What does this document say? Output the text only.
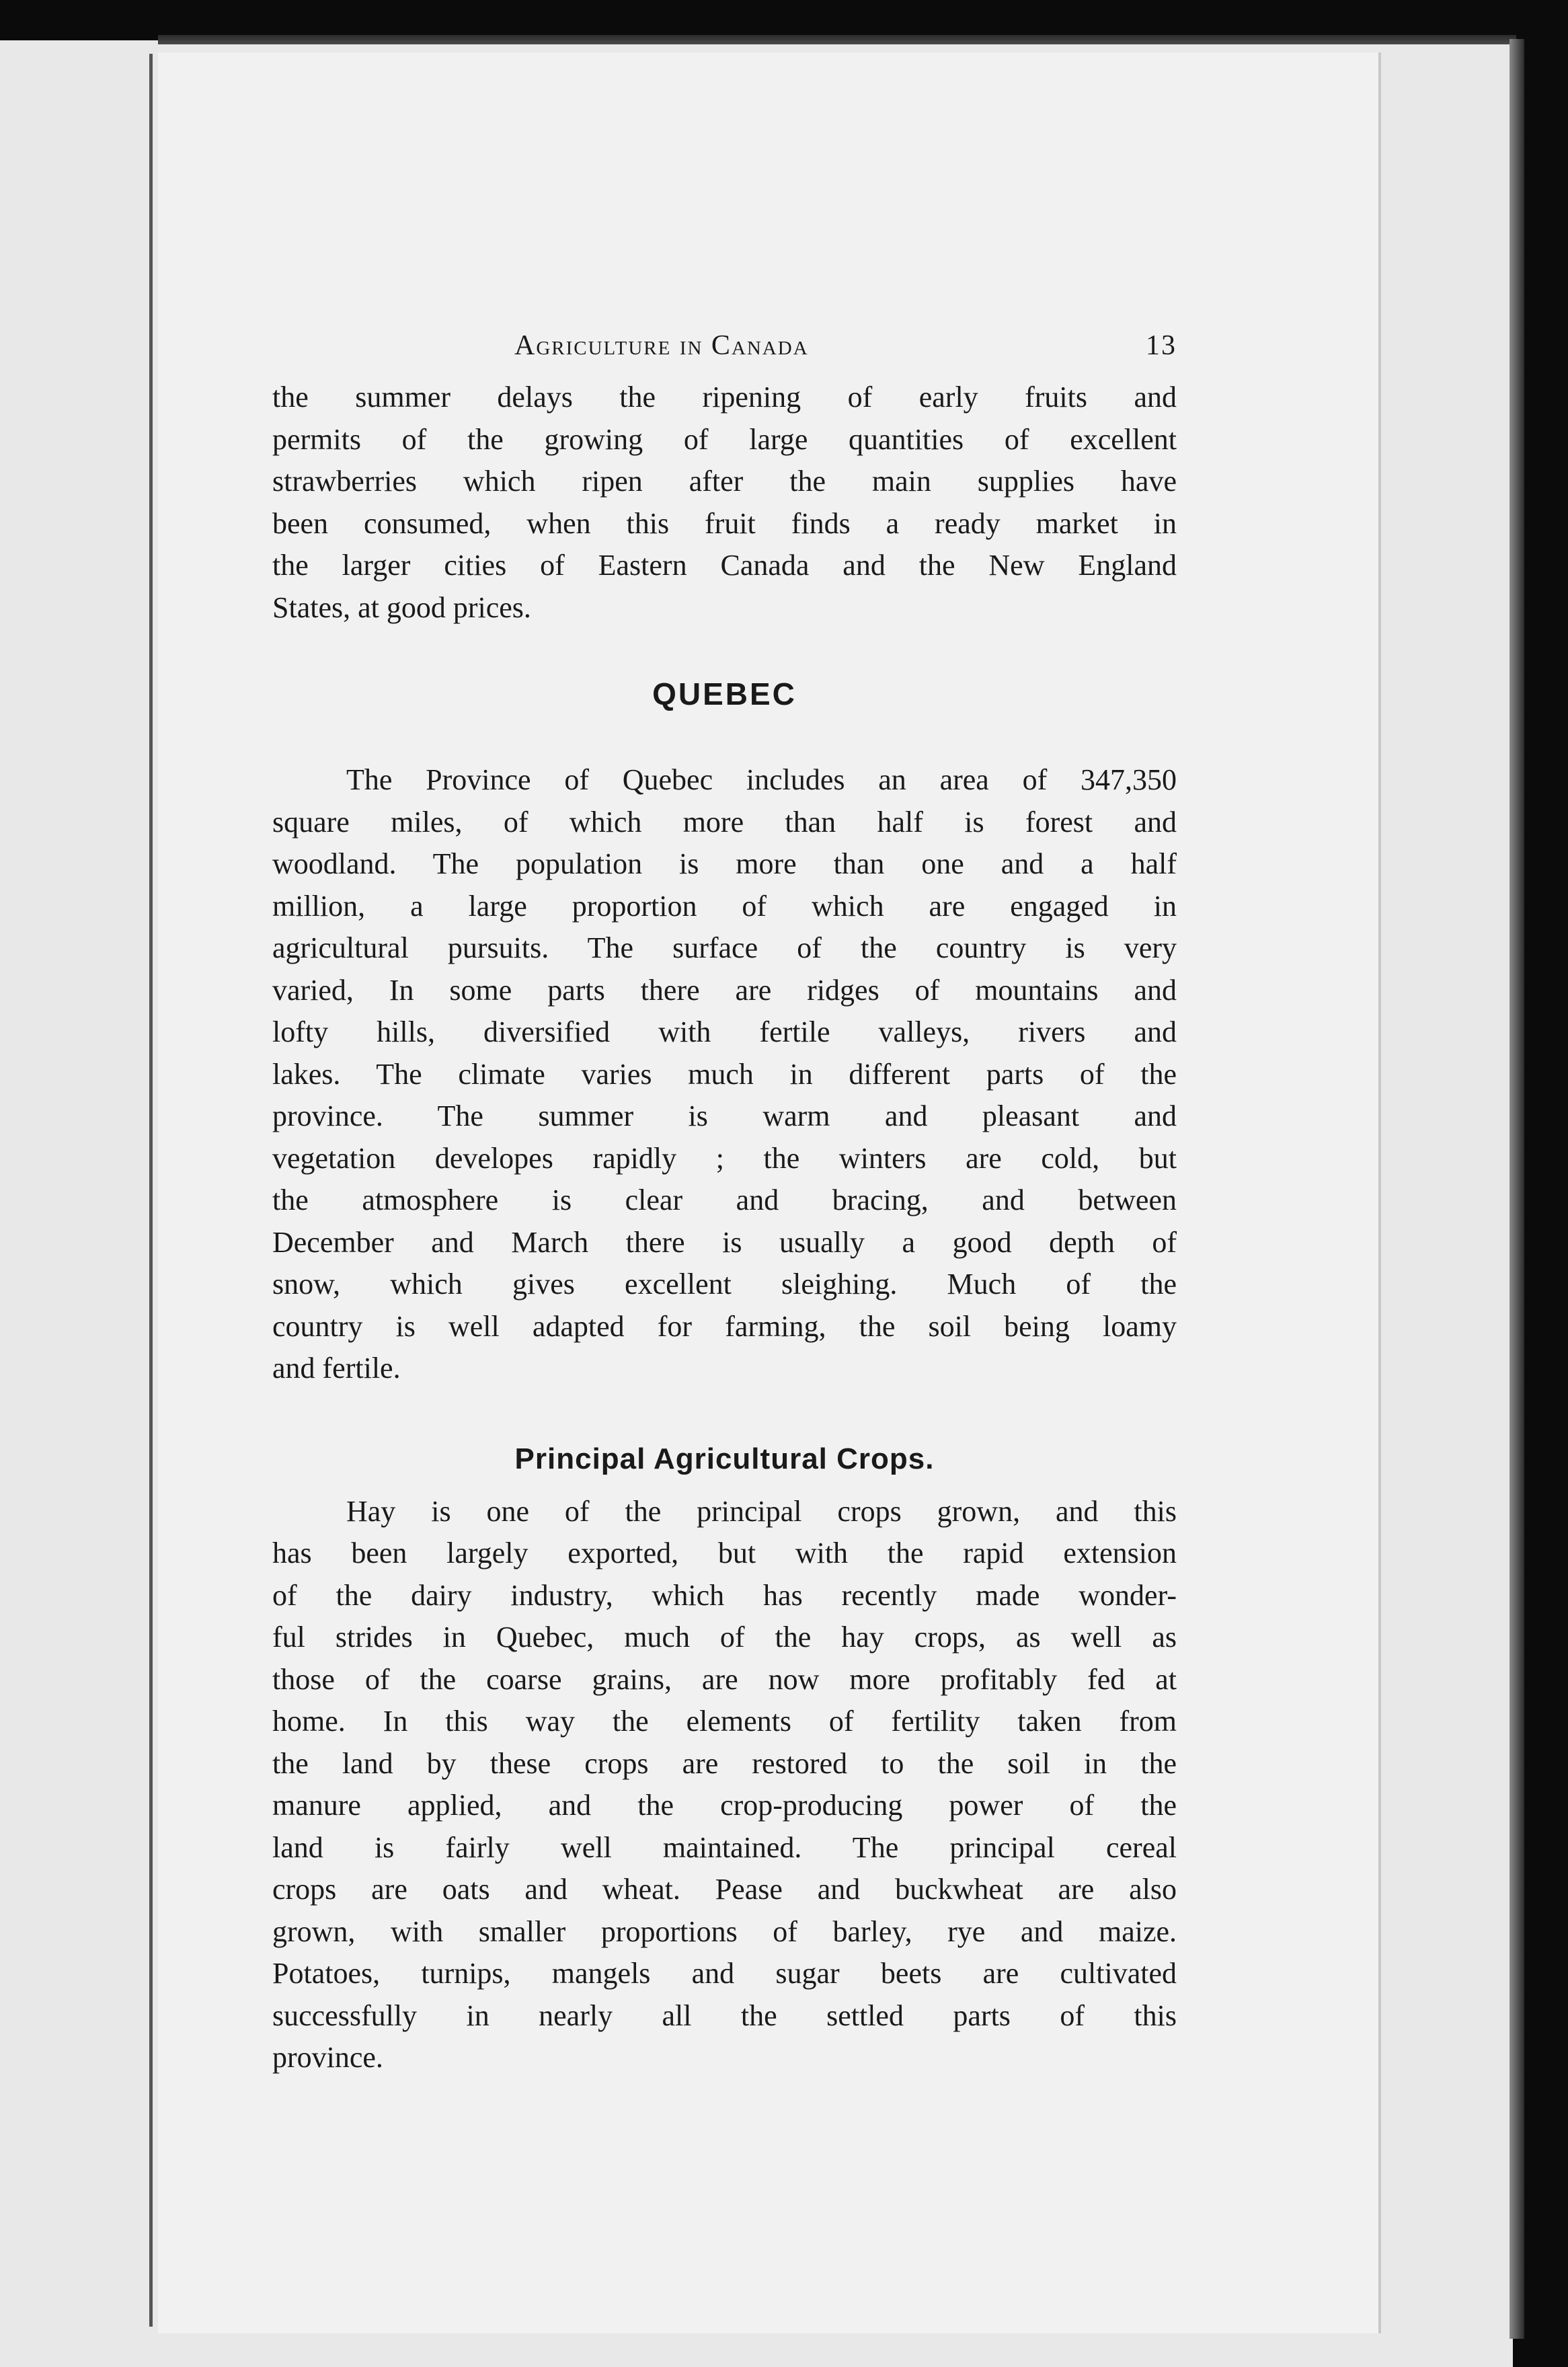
Agriculture in Canada	13

the summer delays the ripening of early fruits and
permits of the growing of large quantities of excellent
strawberries which ripen after the main supplies have
been consumed, when this fruit finds a ready market in
the larger cities of Eastern Canada and the New England
States, at good prices.

QUEBEC

The Province of Quebec includes an area of 347,350
square miles, of which more than half is forest and
woodland. The population is more than one and a half
million, a large proportion of which are engaged in
agricultural pursuits. The surface of the country is very
varied, In some parts there are ridges of mountains and
lofty hills, diversified with fertile valleys, rivers and
lakes. The climate varies much in different parts of the
province. The summer is warm and pleasant and
vegetation developes rapidly ; the winters are cold, but
the atmosphere is clear and bracing, and between
December and March there is usually a good depth of
snow, which gives excellent sleighing. Much of the
country is well adapted for farming, the soil being loamy
and fertile.

Principal Agricultural Crops.

Hay is one of the principal crops grown, and this
has been largely exported, but with the rapid extension
of the dairy industry, which has recently made wonder-
ful strides in Quebec, much of the hay crops, as well as
those of the coarse grains, are now more profitably fed at
home. In this way the elements of fertility taken from
the land by these crops are restored to the soil in the
manure applied, and the crop-producing power of the
land is fairly well maintained. The principal cereal
crops are oats and wheat. Pease and buckwheat are also
grown, with smaller proportions of barley, rye and maize.
Potatoes, turnips, mangels and sugar beets are cultivated
successfully in nearly all the settled parts of this
province.
